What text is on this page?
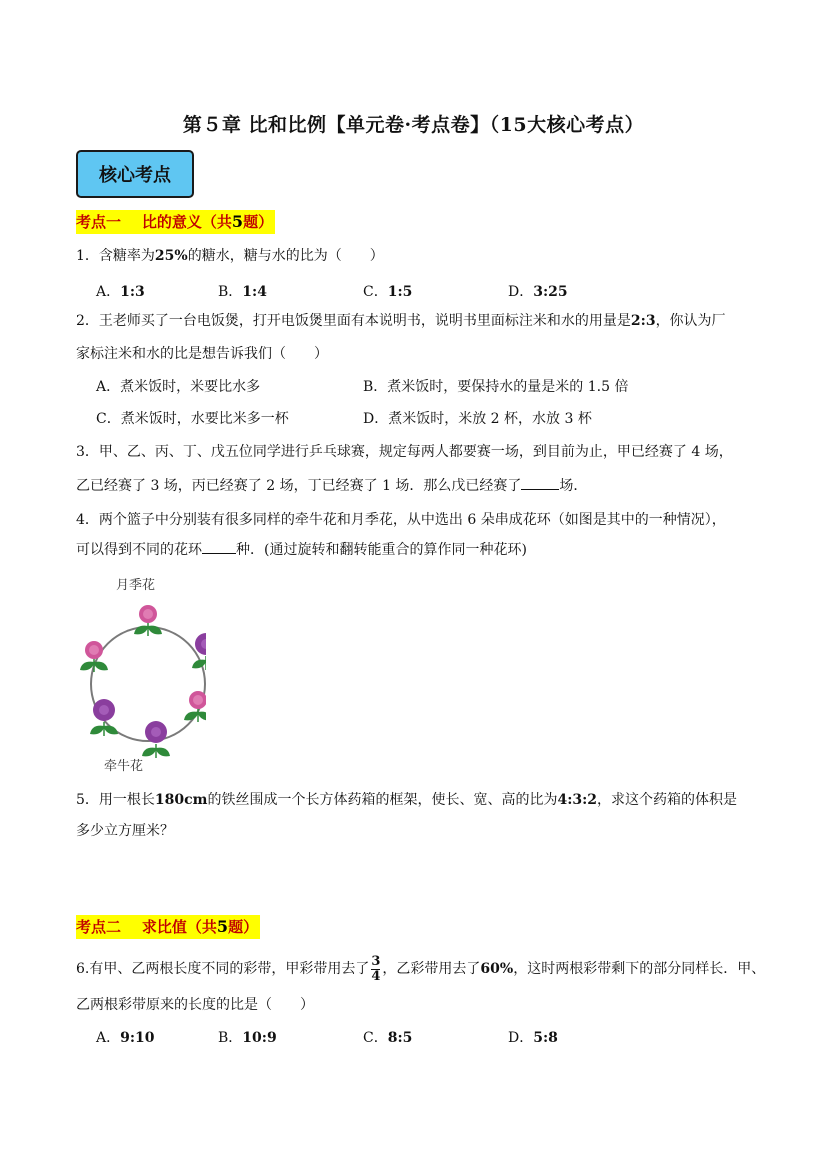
第５章 比和比例【单元卷·考点卷】（15大核心考点）
核心考点
考点一 比的意义（共5题）
1．含糖率为25%的糖水，糖与水的比为（　　）
A．1:3	B．1:4	C．1:5	D．3:25
2．王老师买了一台电饭煲，打开电饭煲里面有本说明书，说明书里面标注米和水的用量是2:3，你认为厂
家标注米和水的比是想告诉我们（　　）
A．煮米饭时，米要比水多	B．煮米饭时，要保持水的量是米的 1.5 倍
C．煮米饭时，水要比米多一杯	D．煮米饭时，米放 2 杯，水放 3 杯
3．甲、乙、丙、丁、戊五位同学进行乒乓球赛，规定每两人都要赛一场，到目前为止，甲已经赛了 4 场，
乙已经赛了 3 场，丙已经赛了 2 场，丁已经赛了 1 场．那么戊已经赛了	场．
4．两个篮子中分别装有很多同样的牵牛花和月季花，从中选出 6 朵串成花环（如图是其中的一种情况），
可以得到不同的花环 种．(通过旋转和翻转能重合的算作同一种花环)
月季花
牵牛花
5．用一根长180cm的铁丝围成一个长方体药箱的框架，使长、宽、高的比为4:3:2，求这个药箱的体积是
多少立方厘米？
考点二 求比值（共5题）
6.有甲、乙两根长度不同的彩带，甲彩带用去了 $\frac{3}{4}$ ，乙彩带用去了60%，这时两根彩带剩下的部分同样长．甲、
乙两根彩带原来的长度的比是（　　）
A．9:10	B．10:9	C．8:5	D．5:8
